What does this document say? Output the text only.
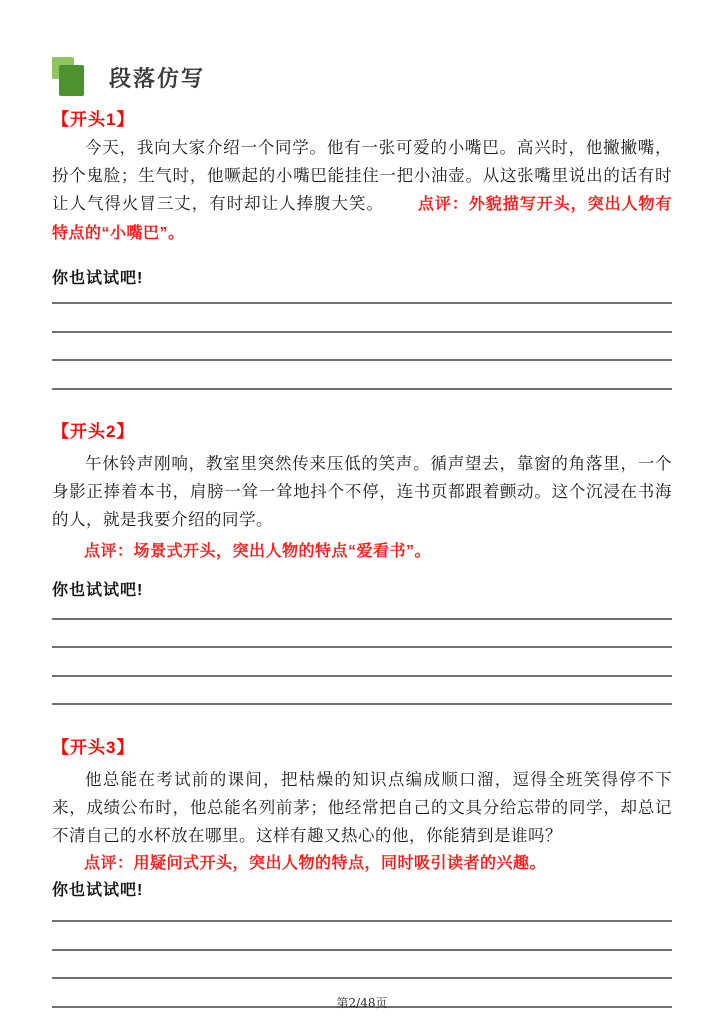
段落仿写
【开头1】

今天，我向大家介绍一个同学。他有一张可爱的小嘴巴。高兴时，他撇撇嘴，扮个鬼脸；生气时，他噘起的小嘴巴能挂住一把小油壶。从这张嘴里说出的话有时让人气得火冒三丈，有时却让人捧腹大笑。 点评：外貌描写开头，突出人物有特点的“小嘴巴”。

你也试试吧!
【开头2】

午休铃声刚响，教室里突然传来压低的笑声。循声望去，靠窗的角落里，一个身影正捧着本书，肩膀一耸一耸地抖个不停，连书页都跟着颤动。这个沉浸在书海的人，就是我要介绍的同学。

点评：场景式开头，突出人物的特点“爱看书”。
你也试试吧!
【开头3】

他总能在考试前的课间，把枯燥的知识点编成顺口溜，逗得全班笑得停不下来，成绩公布时，他总能名列前茅；他经常把自己的文具分给忘带的同学，却总记不清自己的水杯放在哪里。这样有趣又热心的他，你能猜到是谁吗？

点评：用疑问式开头，突出人物的特点，同时吸引读者的兴趣。
你也试试吧!
第2/48页
